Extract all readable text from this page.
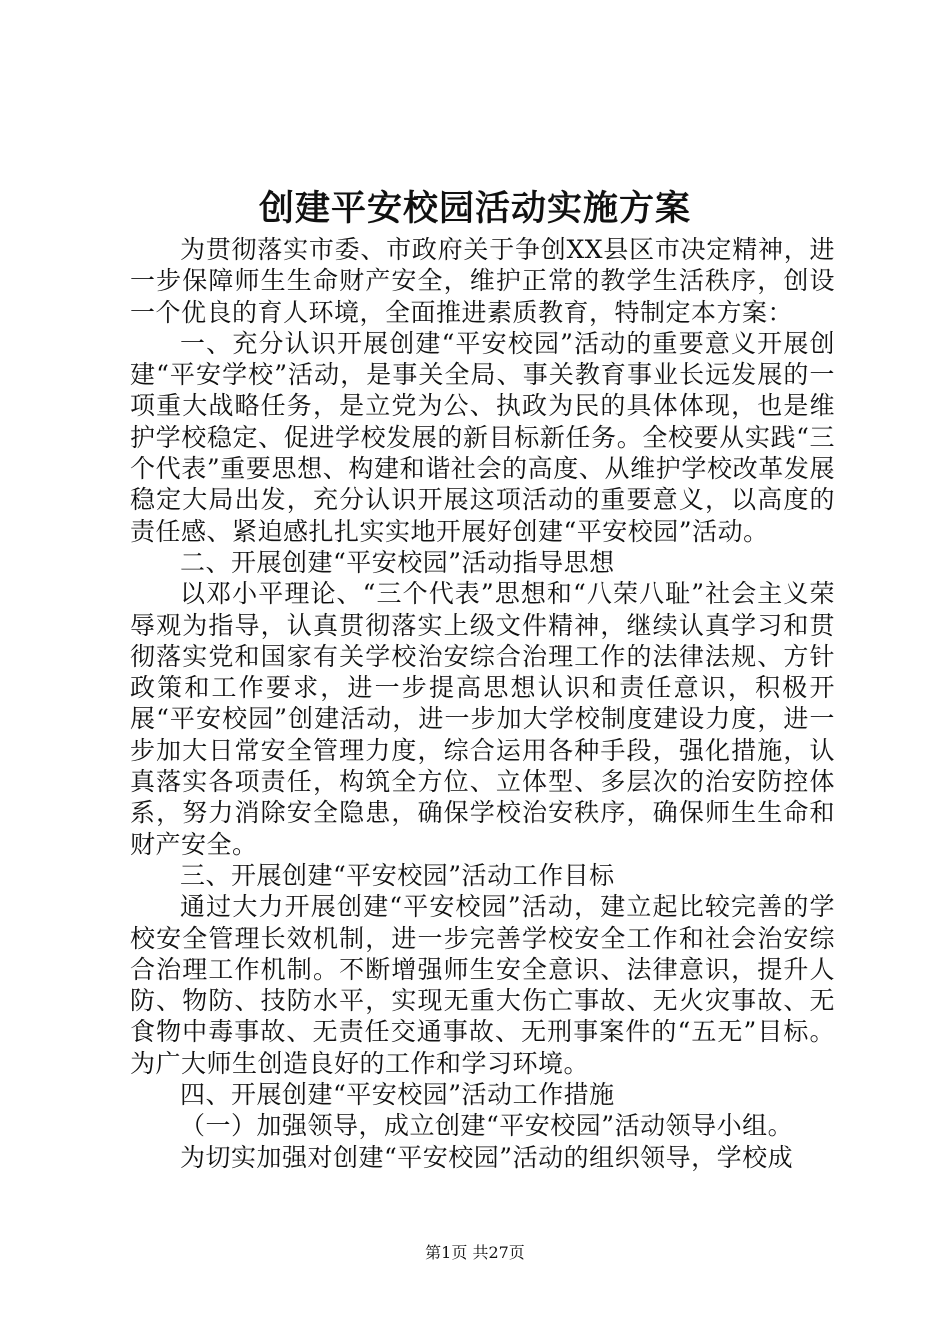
创建平安校园活动实施方案

为贯彻落实市委、市政府关于争创XX县区市决定精神，进一步保障师生生命财产安全，维护正常的教学生活秩序，创设一个优良的育人环境，全面推进素质教育，特制定本方案：

一、充分认识开展创建“平安校园”活动的重要意义开展创建“平安学校”活动，是事关全局、事关教育事业长远发展的一项重大战略任务，是立党为公、执政为民的具体体现，也是维护学校稳定、促进学校发展的新目标新任务。全校要从实践“三个代表”重要思想、构建和谐社会的高度、从维护学校改革发展稳定大局出发，充分认识开展这项活动的重要意义，以高度的责任感、紧迫感扎扎实实地开展好创建“平安校园”活动。

二、开展创建“平安校园”活动指导思想

以邓小平理论、“三个代表”思想和“八荣八耻”社会主义荣辱观为指导，认真贯彻落实上级文件精神，继续认真学习和贯彻落实党和国家有关学校治安综合治理工作的法律法规、方针政策和工作要求，进一步提高思想认识和责任意识，积极开展“平安校园”创建活动，进一步加大学校制度建设力度，进一步加大日常安全管理力度，综合运用各种手段，强化措施，认真落实各项责任，构筑全方位、立体型、多层次的治安防控体系，努力消除安全隐患，确保学校治安秩序，确保师生生命和财产安全。

三、开展创建“平安校园”活动工作目标

通过大力开展创建“平安校园”活动，建立起比较完善的学校安全管理长效机制，进一步完善学校安全工作和社会治安综合治理工作机制。不断增强师生安全意识、法律意识，提升人防、物防、技防水平，实现无重大伤亡事故、无火灾事故、无食物中毒事故、无责任交通事故、无刑事案件的“五无”目标。为广大师生创造良好的工作和学习环境。

四、开展创建“平安校园”活动工作措施

（一）加强领导，成立创建“平安校园”活动领导小组。

为切实加强对创建“平安校园”活动的组织领导，学校成

第1页 共27页
